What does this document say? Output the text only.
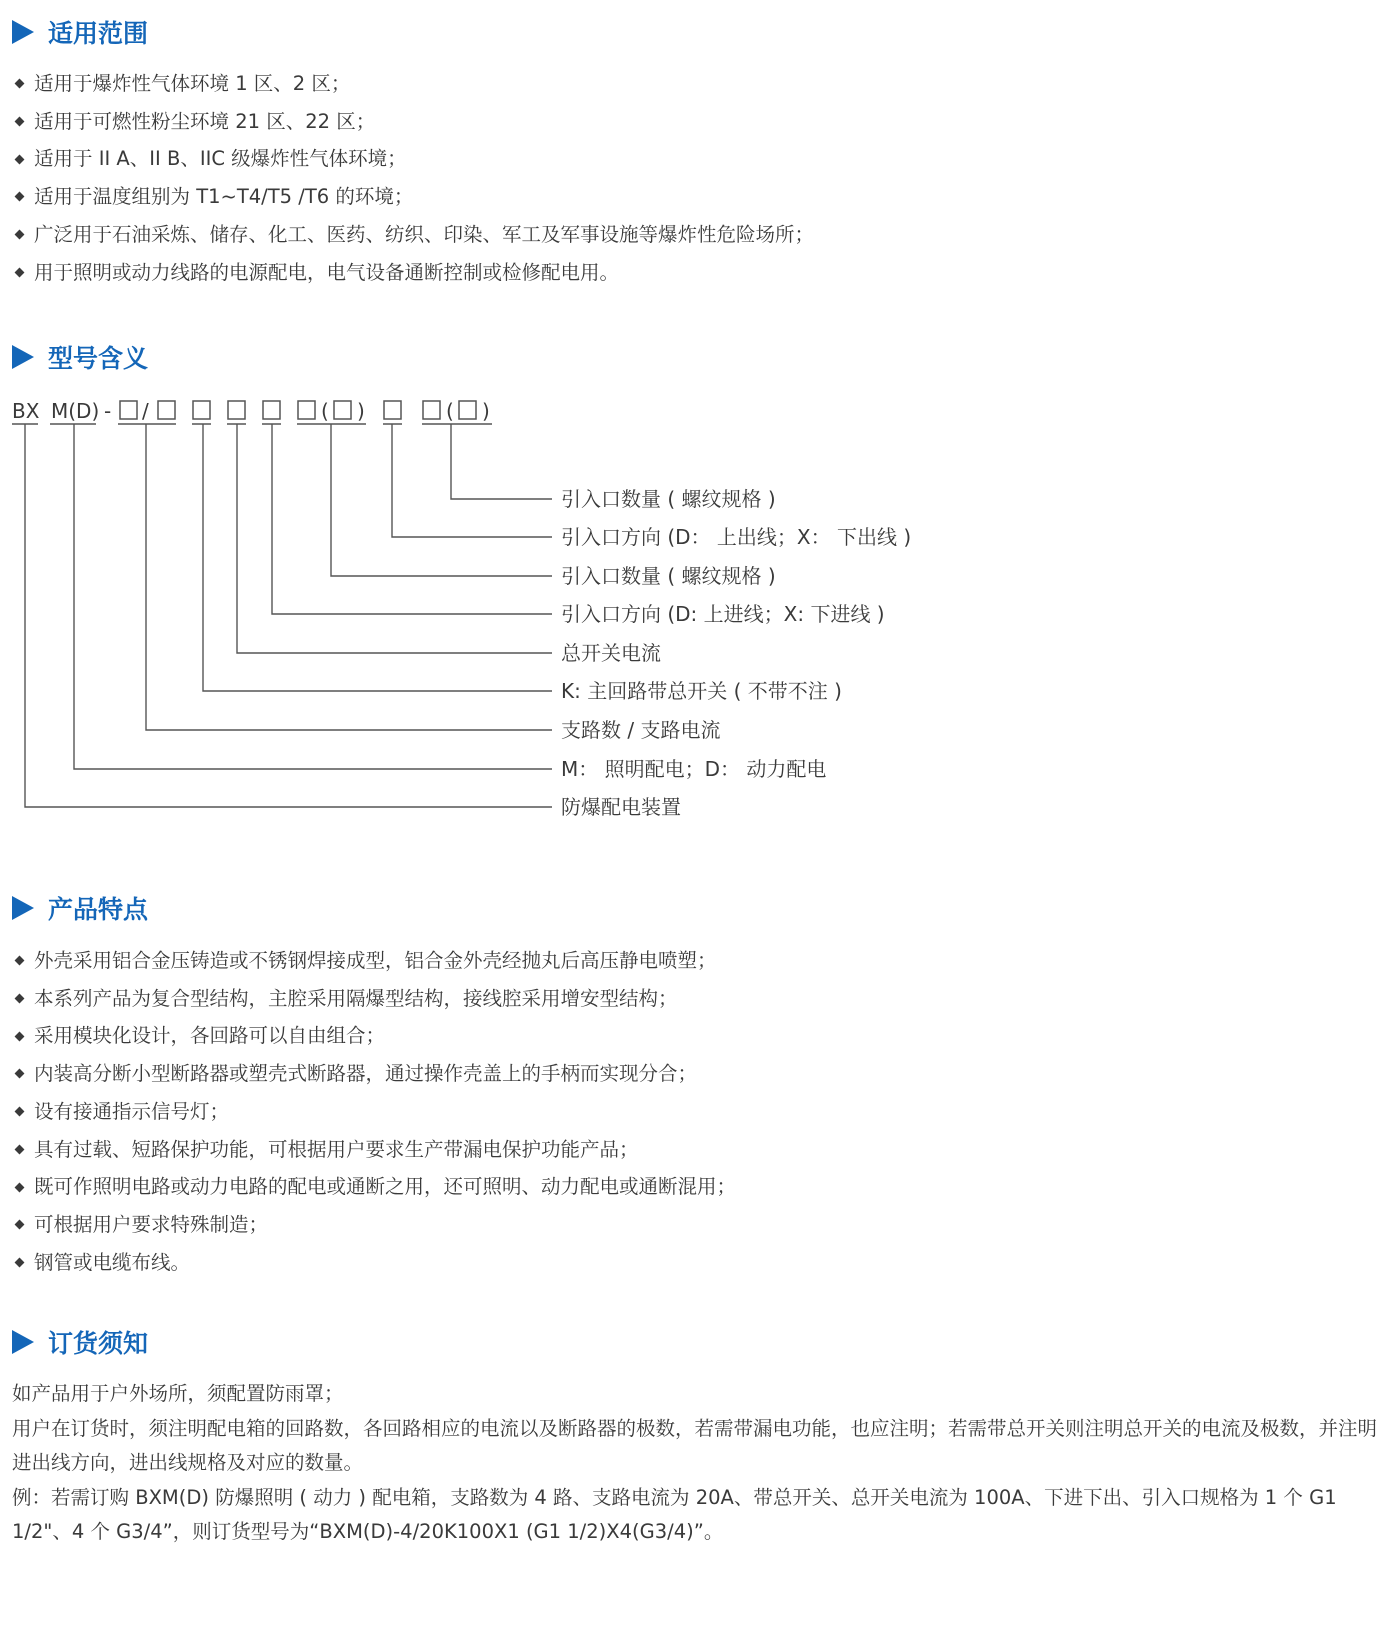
适用范围
适用于爆炸性气体环境 1 区、2 区；
适用于可燃性粉尘环境 21 区、22 区；
适用于 II A、II B、IIC 级爆炸性气体环境；
适用于温度组别为 T1~T4/T5 /T6 的环境；
广泛用于石油采炼、储存、化工、医药、纺织、印染、军工及军事设施等爆炸性危险场所；
用于照明或动力线路的电源配电，电气设备通断控制或检修配电用。
型号含义
BX M(D) - /	( )	( )
引入口数量 ( 螺纹规格 )
引入口方向 (D： 上出线；X： 下出线 )
引入口数量 ( 螺纹规格 )
引入口方向 (D: 上进线；X: 下进线 )
总开关电流
K: 主回路带总开关 ( 不带不注 )
支路数 / 支路电流
M： 照明配电；D： 动力配电
防爆配电装置
产品特点
外壳采用铝合金压铸造或不锈钢焊接成型，铝合金外壳经抛丸后高压静电喷塑；
本系列产品为复合型结构，主腔采用隔爆型结构，接线腔采用增安型结构；
采用模块化设计，各回路可以自由组合；
内装高分断小型断路器或塑壳式断路器，通过操作壳盖上的手柄而实现分合；
设有接通指示信号灯；
具有过载、短路保护功能，可根据用户要求生产带漏电保护功能产品；
既可作照明电路或动力电路的配电或通断之用，还可照明、动力配电或通断混用；
可根据用户要求特殊制造；
钢管或电缆布线。
订货须知

如产品用于户外场所，须配置防雨罩；

用户在订货时，须注明配电箱的回路数，各回路相应的电流以及断路器的极数，若需带漏电功能，也应注明；若需带总开关则注明总开关的电流及极数，并注明进出线方向，进出线规格及对应的数量。

例：若需订购 BXM(D) 防爆照明 ( 动力 ) 配电箱，支路数为 4 路、支路电流为 20A、带总开关、总开关电流为 100A、下进下出、引入口规格为 1 个 G1 1/2"、4 个 G3/4”，则订货型号为“BXM(D)-4/20K100X1 (G1 1/2)X4(G3/4)”。
